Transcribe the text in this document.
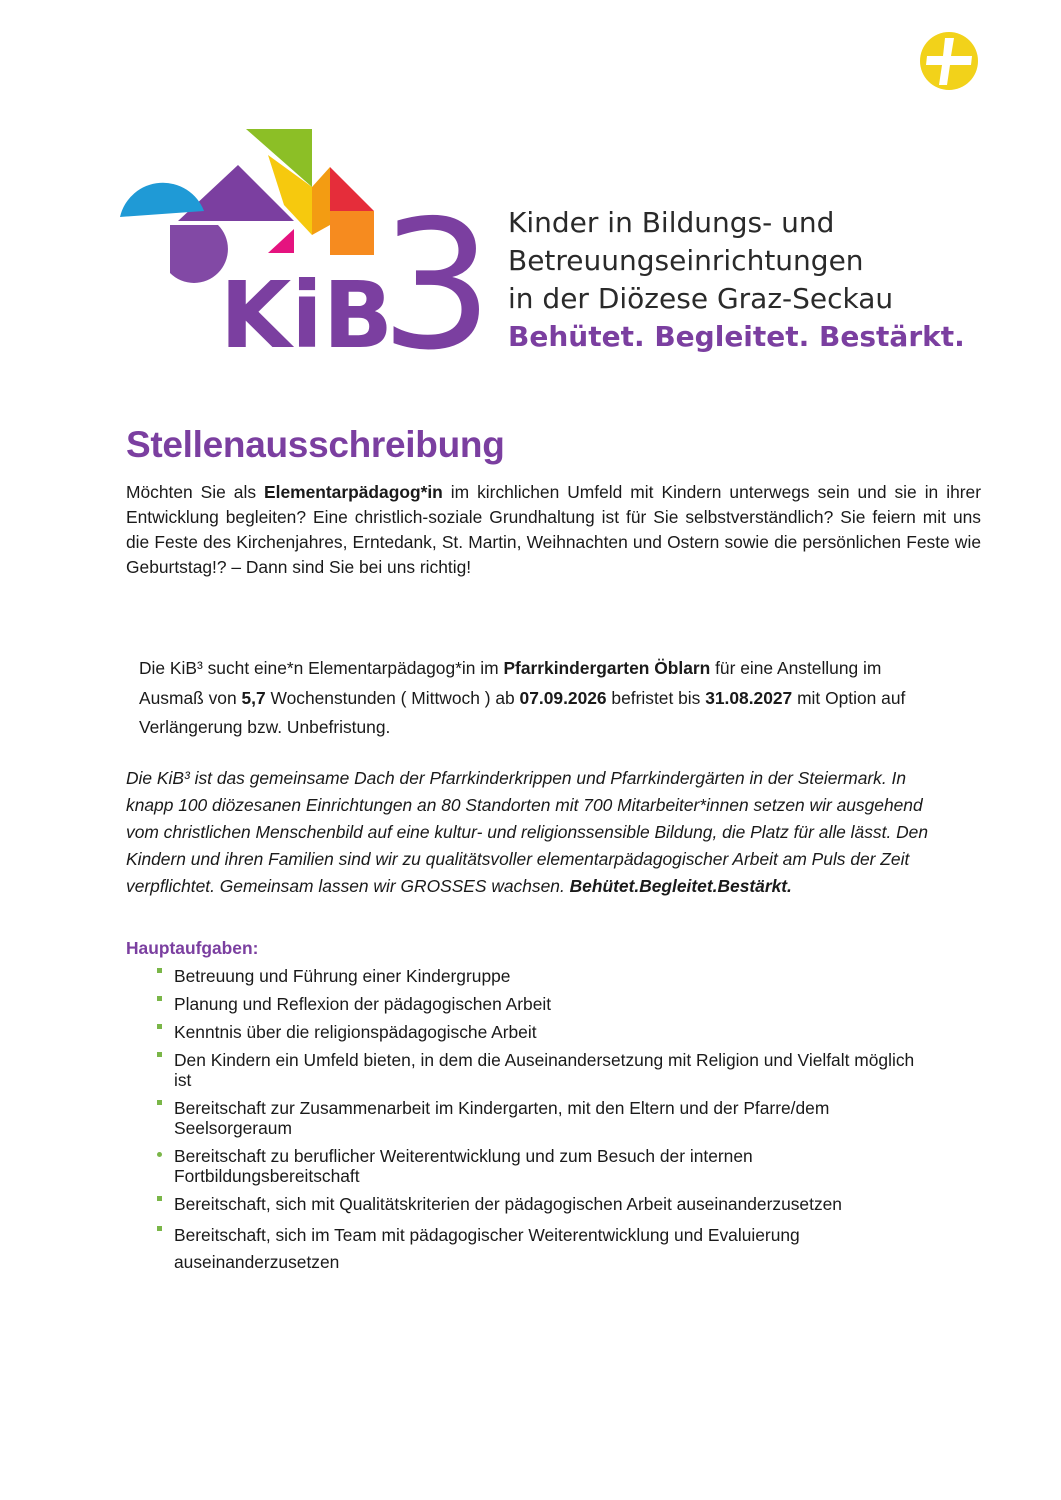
KiB
3 Kinder in Bildungs- und
Betreuungseinrichtungen
in der Diözese Graz-Seckau
Behütet. Begleitet. Bestärkt.
Stellenausschreibung

Möchten Sie als Elementarpädagog*in im kirchlichen Umfeld mit Kindern unterwegs sein und sie in ihrer Entwicklung begleiten? Eine christlich-soziale Grundhaltung ist für Sie selbstverständlich? Sie feiern mit uns die Feste des Kirchenjahres, Erntedank, St. Martin, Weihnachten und Ostern sowie die persönlichen Feste wie Geburtstag!? – Dann sind Sie bei uns richtig!

Die KiB³ sucht eine*n Elementarpädagog*in im Pfarrkindergarten Öblarn für eine Anstellung im Ausmaß von 5,7 Wochenstunden ( Mittwoch ) ab 07.09.2026 befristet bis 31.08.2027 mit Option auf Verlängerung bzw. Unbefristung.

Die KiB³ ist das gemeinsame Dach der Pfarrkinderkrippen und Pfarrkindergärten in der Steiermark. In knapp 100 diözesanen Einrichtungen an 80 Standorten mit 700 Mitarbeiter*innen setzen wir ausgehend vom christlichen Menschenbild auf eine kultur- und religionssensible Bildung, die Platz für alle lässt. Den Kindern und ihren Familien sind wir zu qualitätsvoller elementarpädagogischer Arbeit am Puls der Zeit verpflichtet. Gemeinsam lassen wir GROSSES wachsen. Behütet.Begleitet.Bestärkt.

Hauptaufgaben:
Betreuung und Führung einer Kindergruppe
Planung und Reflexion der pädagogischen Arbeit
Kenntnis über die religionspädagogische Arbeit
Den Kindern ein Umfeld bieten, in dem die Auseinandersetzung mit Religion und Vielfalt möglich ist
Bereitschaft zur Zusammenarbeit im Kindergarten, mit den Eltern und der Pfarre/dem Seelsorgeraum
Bereitschaft zu beruflicher Weiterentwicklung und zum Besuch der internen Fortbildungsbereitschaft
Bereitschaft, sich mit Qualitätskriterien der pädagogischen Arbeit auseinanderzusetzen
Bereitschaft, sich im Team mit pädagogischer Weiterentwicklung und Evaluierung auseinanderzusetzen
